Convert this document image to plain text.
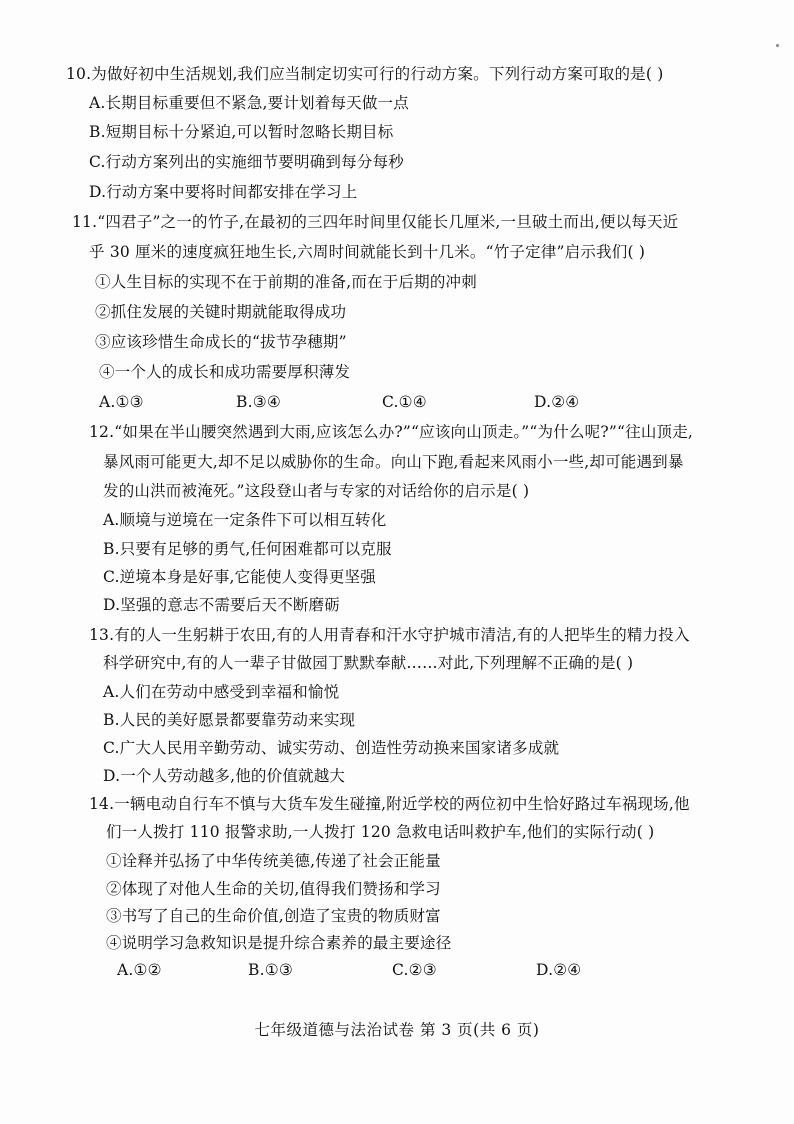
10.为做好初中生活规划,我们应当制定切实可行的行动方案。下列行动方案可取的是( )
A.长期目标重要但不紧急,要计划着每天做一点
B.短期目标十分紧迫,可以暂时忽略长期目标
C.行动方案列出的实施细节要明确到每分每秒
D.行动方案中要将时间都安排在学习上
11.“四君子”之一的竹子,在最初的三四年时间里仅能长几厘米,一旦破土而出,便以每天近
乎 30 厘米的速度疯狂地生长,六周时间就能长到十几米。“竹子定律”启示我们( )
①人生目标的实现不在于前期的准备,而在于后期的冲刺
②抓住发展的关键时期就能取得成功
③应该珍惜生命成长的“拔节孕穗期”
④一个人的成长和成功需要厚积薄发
A.①③	B.③④	C.①④	D.②④
12.“如果在半山腰突然遇到大雨,应该怎么办?”“应该向山顶走。”“为什么呢?”“往山顶走,
暴风雨可能更大,却不足以威胁你的生命。向山下跑,看起来风雨小一些,却可能遇到暴
发的山洪而被淹死。”这段登山者与专家的对话给你的启示是( )
A.顺境与逆境在一定条件下可以相互转化
B.只要有足够的勇气,任何困难都可以克服
C.逆境本身是好事,它能使人变得更坚强
D.坚强的意志不需要后天不断磨砺
13.有的人一生躬耕于农田,有的人用青春和汗水守护城市清洁,有的人把毕生的精力投入
科学研究中,有的人一辈子甘做园丁默默奉献……对此,下列理解不正确的是( )
A.人们在劳动中感受到幸福和愉悦
B.人民的美好愿景都要靠劳动来实现
C.广大人民用辛勤劳动、诚实劳动、创造性劳动换来国家诸多成就
D.一个人劳动越多,他的价值就越大
14.一辆电动自行车不慎与大货车发生碰撞,附近学校的两位初中生恰好路过车祸现场,他
们一人拨打 110 报警求助,一人拨打 120 急救电话叫救护车,他们的实际行动( )
①诠释并弘扬了中华传统美德,传递了社会正能量
②体现了对他人生命的关切,值得我们赞扬和学习
③书写了自己的生命价值,创造了宝贵的物质财富
④说明学习急救知识是提升综合素养的最主要途径
A.①②	B.①③	C.②③	D.②④
七年级道德与法治试卷 第 3 页(共 6 页)
